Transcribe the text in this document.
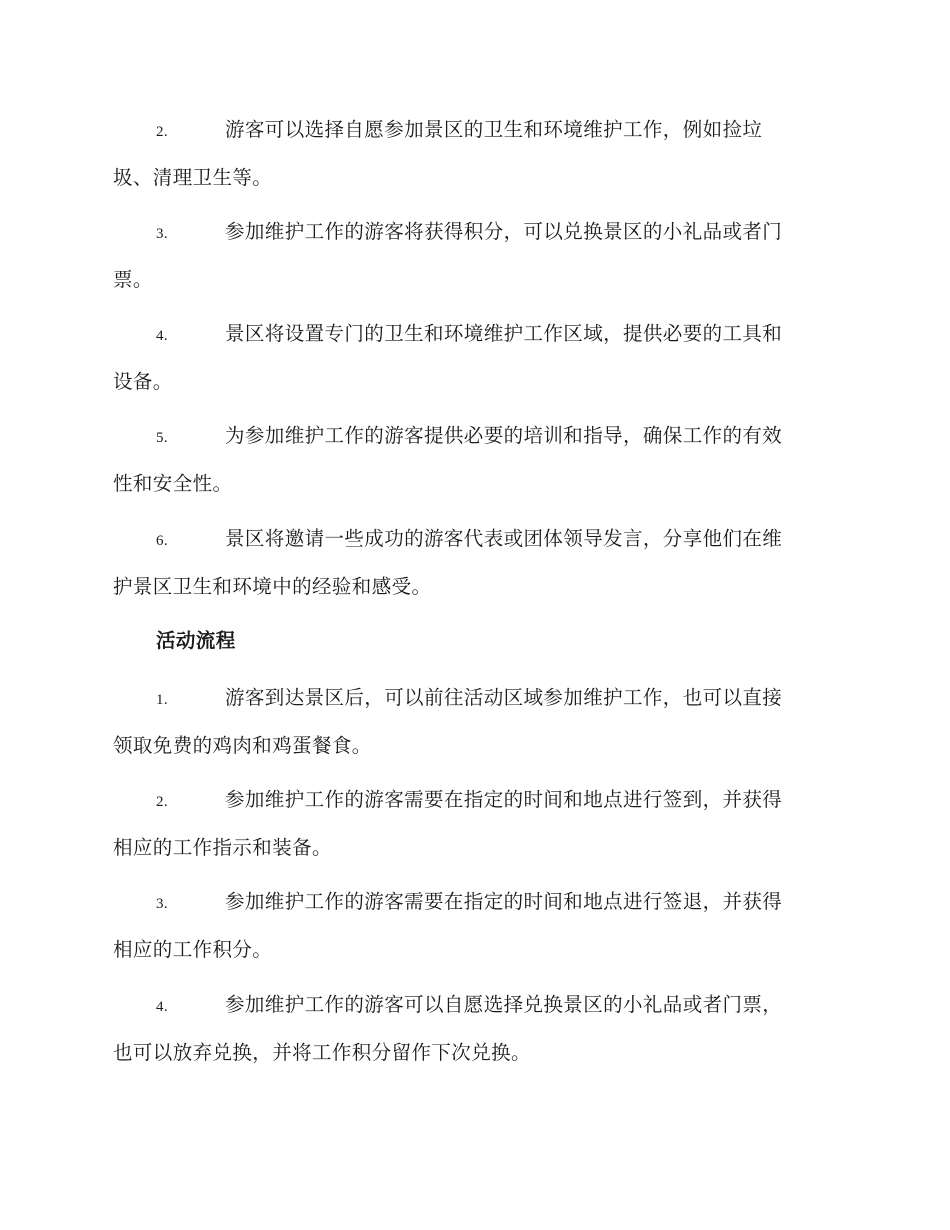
2.	游客可以选择自愿参加景区的卫生和环境维护工作，例如捡垃
圾、清理卫生等。
3.	参加维护工作的游客将获得积分，可以兑换景区的小礼品或者门
票。
4.	景区将设置专门的卫生和环境维护工作区域，提供必要的工具和
设备。
5.	为参加维护工作的游客提供必要的培训和指导，确保工作的有效
性和安全性。
6.	景区将邀请一些成功的游客代表或团体领导发言，分享他们在维
护景区卫生和环境中的经验和感受。
活动流程
1.	游客到达景区后，可以前往活动区域参加维护工作，也可以直接
领取免费的鸡肉和鸡蛋餐食。
2.	参加维护工作的游客需要在指定的时间和地点进行签到，并获得
相应的工作指示和装备。
3.	参加维护工作的游客需要在指定的时间和地点进行签退，并获得
相应的工作积分。
4.	参加维护工作的游客可以自愿选择兑换景区的小礼品或者门票，
也可以放弃兑换，并将工作积分留作下次兑换。
